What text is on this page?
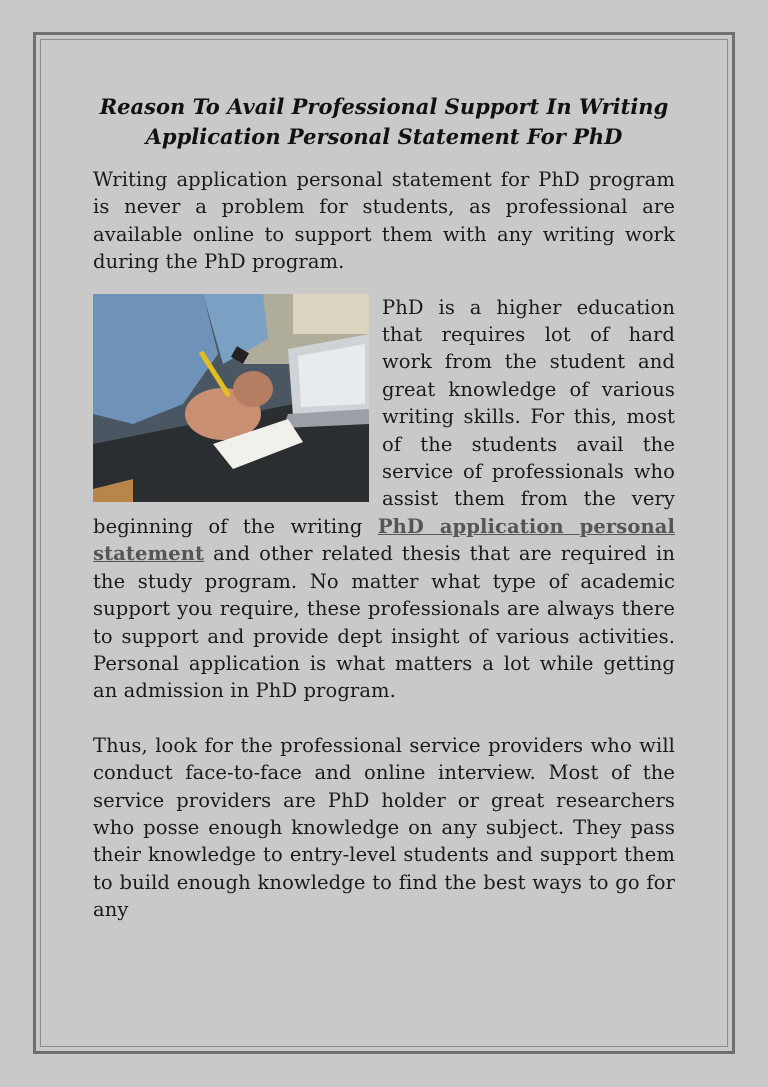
Reason To Avail Professional Support In Writing Application Personal Statement For PhD

Writing application personal statement for PhD program is never a problem for students, as professional are available online to support them with any writing work during the PhD program.

PhD is a higher education that requires lot of hard work from the student and great knowledge of various writing skills. For this, most of the students avail the service of professionals who assist them from the very beginning of the writing PhD application personal statement and other related thesis that are required in the study program. No matter what type of academic support you require, these professionals are always there to support and provide dept insight of various activities. Personal application is what matters a lot while getting an admission in PhD program.

Thus, look for the professional service providers who will conduct face-to-face and online interview. Most of the service providers are PhD holder or great researchers who posse enough knowledge on any subject. They pass their knowledge to entry-level students and support them to build enough knowledge to find the best ways to go for any
